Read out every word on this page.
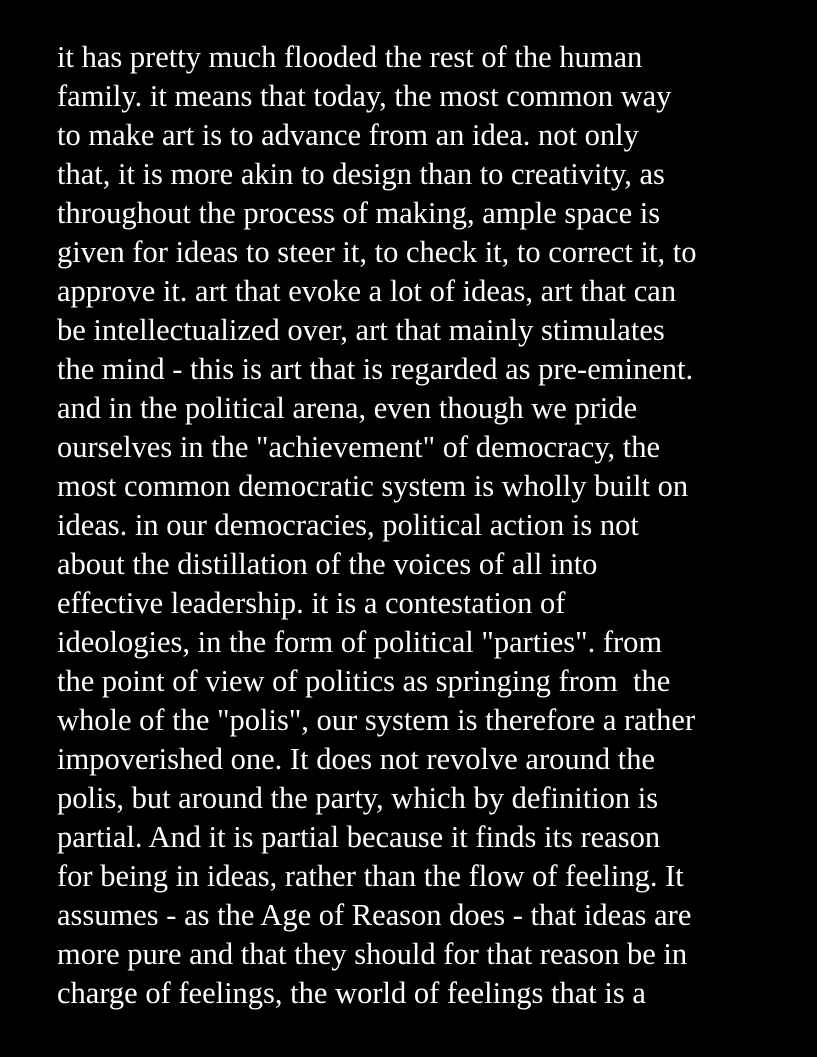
it has pretty much flooded the rest of the human
family. it means that today, the most common way
to make art is to advance from an idea. not only
that, it is more akin to design than to creativity, as
throughout the process of making, ample space is
given for ideas to steer it, to check it, to correct it, to
approve it. art that evoke a lot of ideas, art that can
be intellectualized over, art that mainly stimulates
the mind - this is art that is regarded as pre-eminent.
and in the political arena, even though we pride
ourselves in the "achievement" of democracy, the
most common democratic system is wholly built on
ideas. in our democracies, political action is not
about the distillation of the voices of all into
effective leadership. it is a contestation of
ideologies, in the form of political "parties". from
the point of view of politics as springing from  the
whole of the "polis", our system is therefore a rather
impoverished one. It does not revolve around the
polis, but around the party, which by definition is
partial. And it is partial because it finds its reason
for being in ideas, rather than the flow of feeling. It
assumes - as the Age of Reason does - that ideas are
more pure and that they should for that reason be in
charge of feelings, the world of feelings that is a
